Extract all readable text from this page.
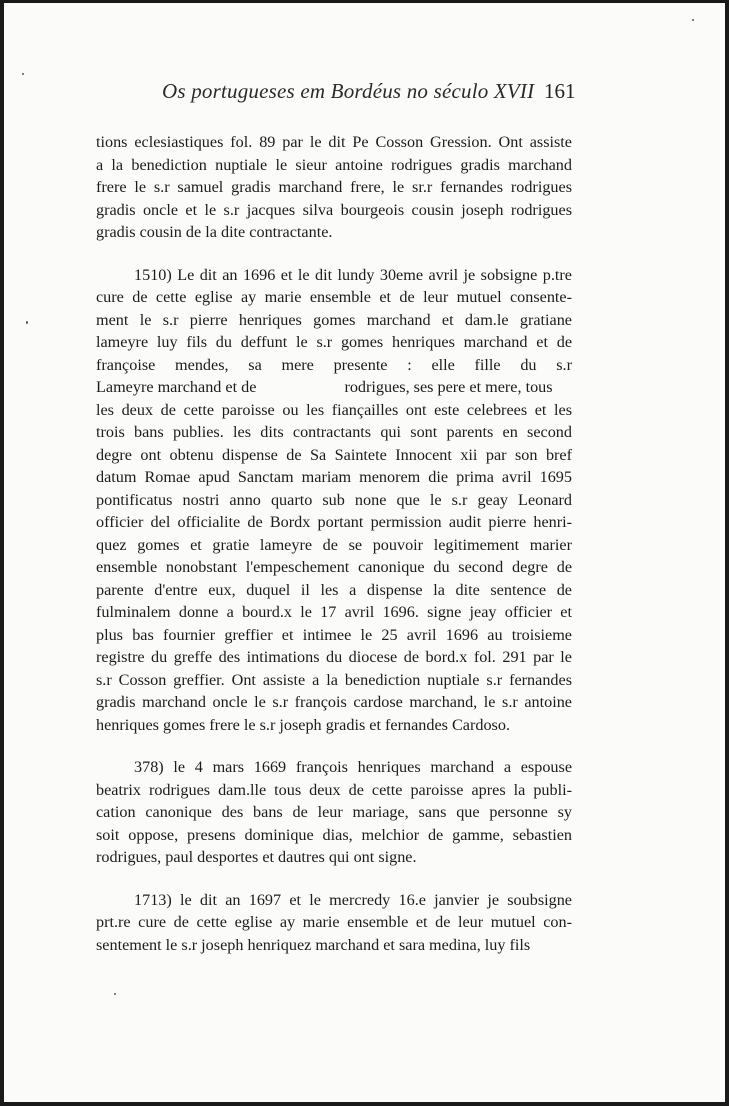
Os portugueses em Bordéus no século XVII 161
tions eclesiastiques fol. 89 par le dit Pe Cosson Gression. Ont assiste
a la benediction nuptiale le sieur antoine rodrigues gradis marchand
frere le s.r samuel gradis marchand frere, le sr.r fernandes rodrigues
gradis oncle et le s.r jacques silva bourgeois cousin joseph rodrigues
gradis cousin de la dite contractante.
1510) Le dit an 1696 et le dit lundy 30eme avril je sobsigne p.tre
cure de cette eglise ay marie ensemble et de leur mutuel consente-
ment le s.r pierre henriques gomes marchand et dam.le gratiane
lameyre luy fils du deffunt le s.r gomes henriques marchand et de
françoise mendes, sa mere presente : elle fille du s.r
Lameyre marchand et de	rodrigues, ses pere et mere, tous
les deux de cette paroisse ou les fiançailles ont este celebrees et les
trois bans publies. les dits contractants qui sont parents en second
degre ont obtenu dispense de Sa Saintete Innocent xii par son bref
datum Romae apud Sanctam mariam menorem die prima avril 1695
pontificatus nostri anno quarto sub none que le s.r geay Leonard
officier del officialite de Bordx portant permission audit pierre henri-
quez gomes et gratie lameyre de se pouvoir legitimement marier
ensemble nonobstant l'empeschement canonique du second degre de
parente d'entre eux, duquel il les a dispense la dite sentence de
fulminalem donne a bourd.x le 17 avril 1696. signe jeay officier et
plus bas fournier greffier et intimee le 25 avril 1696 au troisieme
registre du greffe des intimations du diocese de bord.x fol. 291 par le
s.r Cosson greffier. Ont assiste a la benediction nuptiale s.r fernandes
gradis marchand oncle le s.r françois cardose marchand, le s.r antoine
henriques gomes frere le s.r joseph gradis et fernandes Cardoso.
378) le 4 mars 1669 françois henriques marchand a espouse
beatrix rodrigues dam.lle tous deux de cette paroisse apres la publi-
cation canonique des bans de leur mariage, sans que personne sy
soit oppose, presens dominique dias, melchior de gamme, sebastien
rodrigues, paul desportes et dautres qui ont signe.
1713) le dit an 1697 et le mercredy 16.e janvier je soubsigne
prt.re cure de cette eglise ay marie ensemble et de leur mutuel con-
sentement le s.r joseph henriquez marchand et sara medina, luy fils
